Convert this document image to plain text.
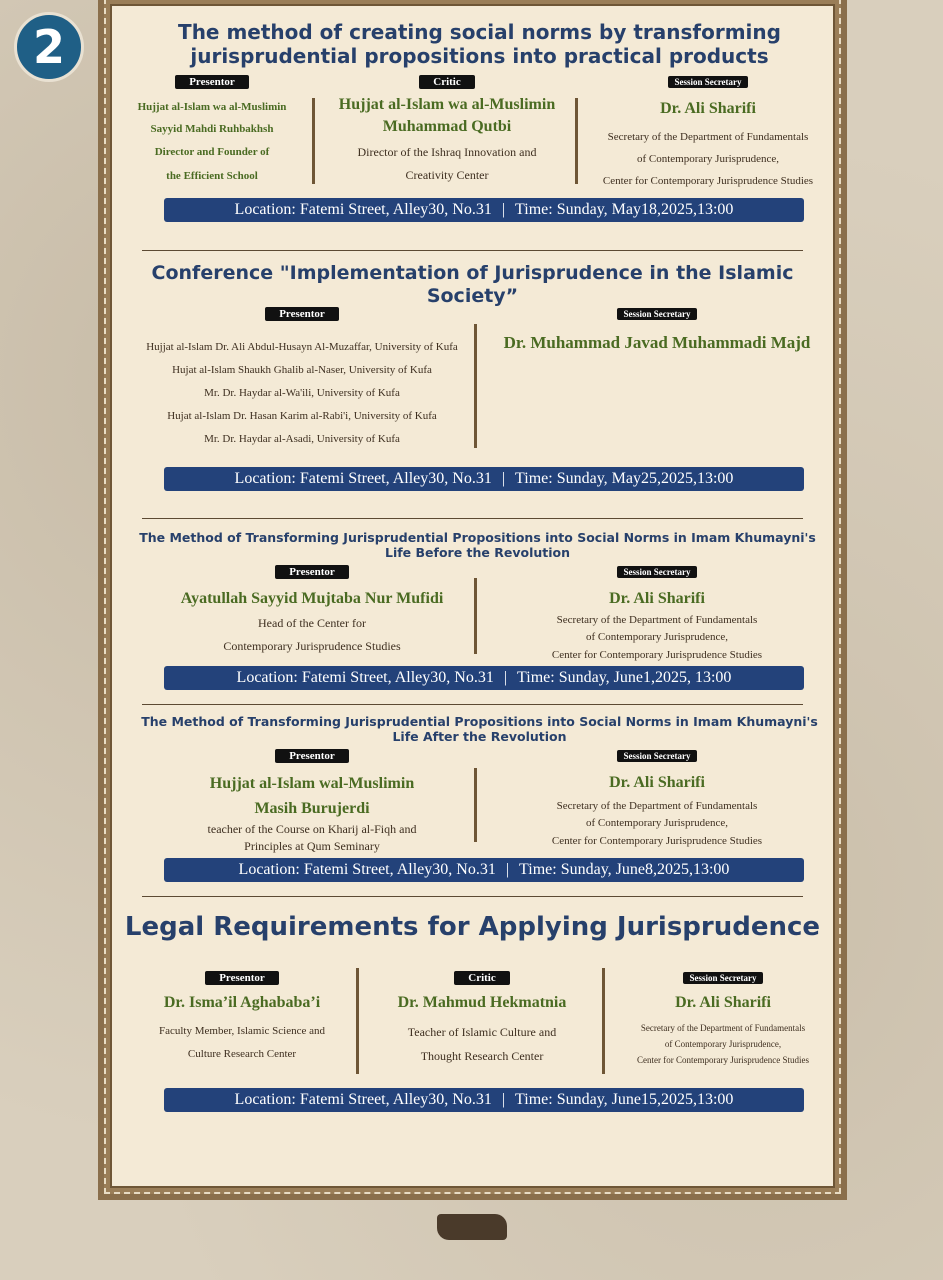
2	The method of creating social norms by transforming jurisprudential propositions into practical products

Presentor
Hujjat al-Islam wa al-Muslimin
Sayyid Mahdi Ruhbakhsh
Director and Founder of
the Efficient School
Critic
Hujjat al-Islam wa al-Muslimin Muhammad Qutbi
Director of the Ishraq Innovation and
Creativity Center
Session Secretary
Dr. Ali Sharifi
Secretary of the Department of Fundamentals
of Contemporary Jurisprudence,
Center for Contemporary Jurisprudence Studies
Location: Fatemi Street, Alley30, No.31 | Time: Sunday, May18,2025,13:00

Conference "Implementation of Jurisprudence in the Islamic Society”

Presentor
Hujjat al-Islam Dr. Ali Abdul-Husayn Al-Muzaffar, University of Kufa
Hujat al-Islam Shaukh Ghalib al-Naser, University of Kufa
Mr. Dr. Haydar al-Wa'ili, University of Kufa
Hujat al-Islam Dr. Hasan Karim al-Rabi'i, University of Kufa
Mr. Dr. Haydar al-Asadi, University of Kufa
Session Secretary
Dr. Muhammad Javad Muhammadi Majd
Location: Fatemi Street, Alley30, No.31 | Time: Sunday, May25,2025,13:00

The Method of Transforming Jurisprudential Propositions into Social Norms in Imam Khumayni's Life Before the Revolution

Presentor
Ayatullah Sayyid Mujtaba Nur Mufidi
Head of the Center for
Contemporary Jurisprudence Studies
Session Secretary
Dr. Ali Sharifi
Secretary of the Department of Fundamentals
of Contemporary Jurisprudence,
Center for Contemporary Jurisprudence Studies
Location: Fatemi Street, Alley30, No.31 | Time: Sunday, June1,2025, 13:00

The Method of Transforming Jurisprudential Propositions into Social Norms in Imam Khumayni's Life After the Revolution

Presentor
Hujjat al-Islam wal-Muslimin
Masih Burujerdi
teacher of the Course on Kharij al-Fiqh and
Principles at Qum Seminary
Session Secretary
Dr. Ali Sharifi
Secretary of the Department of Fundamentals
of Contemporary Jurisprudence,
Center for Contemporary Jurisprudence Studies
Location: Fatemi Street, Alley30, No.31 | Time: Sunday, June8,2025,13:00

Legal Requirements for Applying Jurisprudence

Presentor
Dr. Isma’il Aghababa’i
Faculty Member, Islamic Science and
Culture Research Center
Critic
Dr. Mahmud Hekmatnia
Teacher of Islamic Culture and
Thought Research Center
Session Secretary
Dr. Ali Sharifi
Secretary of the Department of Fundamentals
of Contemporary Jurisprudence,
Center for Contemporary Jurisprudence Studies
Location: Fatemi Street, Alley30, No.31 | Time: Sunday, June15,2025,13:00
